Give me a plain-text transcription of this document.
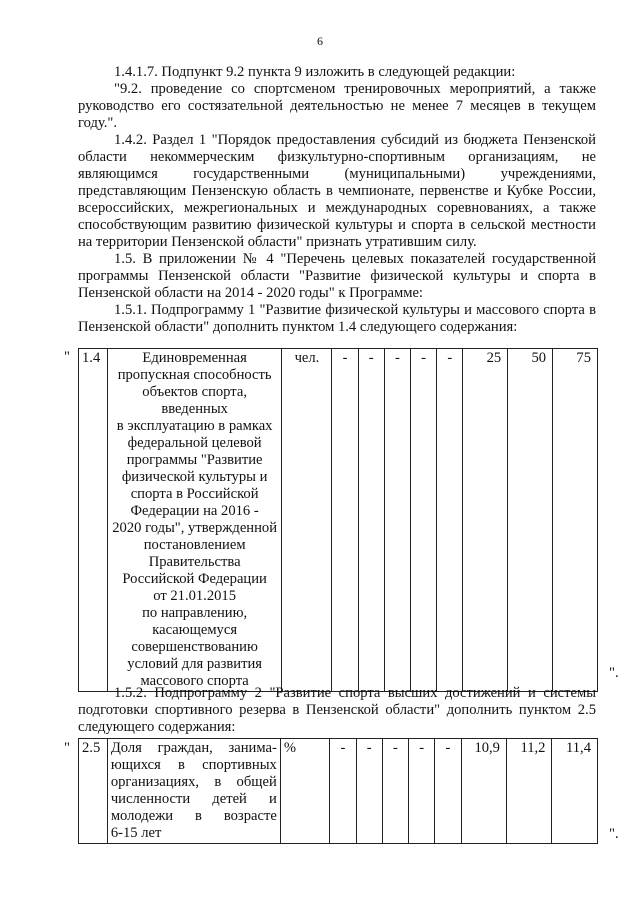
6

1.4.1.7. Подпункт 9.2 пункта 9 изложить в следующей редакции:

"9.2. проведение со спортсменом тренировочных мероприятий, а также руководство его состязательной деятельностью не менее 7 месяцев в текущем году.".

1.4.2. Раздел 1 "Порядок предоставления субсидий из бюджета Пензенской области некоммерческим физкультурно-спортивным организациям, не являющимся государственными (муниципальными) учреждениями, представляющим Пензенскую область в чемпионате, первенстве и Кубке России, всероссийских, межрегиональных и международных соревнованиях, а также способствующим развитию физической культуры и спорта в сельской местности на территории Пензенской области" признать утратившим силу.

1.5. В приложении № 4 "Перечень целевых показателей государственной программы Пензенской области "Развитие физической культуры и спорта в Пензенской области на 2014 - 2020 годы" к Программе:

1.5.1. Подпрограмму 1 "Развитие физической культуры и массового спорта в Пензенской области" дополнить пунктом 1.4 следующего содержания:

" 1.4	Единовременная
пропускная способность
объектов спорта,
введенных
в эксплуатацию в рамках
федеральной целевой
программы "Развитие
физической культуры и
спорта в Российской
Федерации на 2016 -
2020 годы", утвержденной
постановлением
Правительства
Российской Федерации
от 21.01.2015
по направлению,
касающемуся
совершенствованию
условий для развития
массового спорта
	чел.	-	-	-	-	-	25	50	75
".

1.5.2. Подпрограмму 2 "Развитие спорта высших достижений и системы подготовки спортивного резерва в Пензенской области" дополнить пунктом 2.5 следующего содержания:

" 2.5	Доля граждан, занима-
ющихся в спортивных
организациях, в общей
численности детей и
молодежи в возрасте
6-15 лет
	%	-	-	-	-	-	10,9	11,2	11,4
".
